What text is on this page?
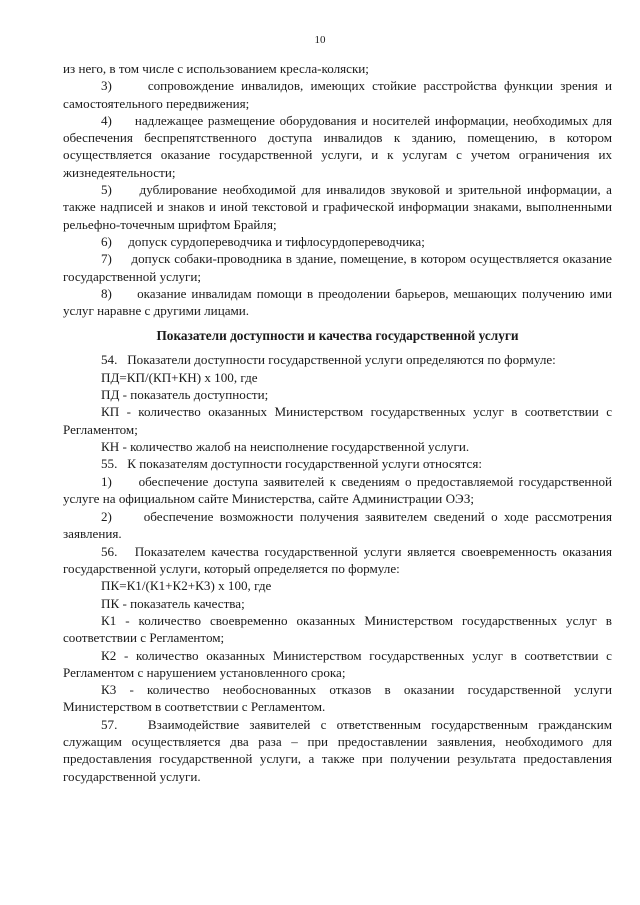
10

из него, в том числе с использованием кресла-коляски;

3)     сопровождение инвалидов, имеющих стойкие расстройства функции зрения и самостоятельного передвижения;

4)     надлежащее размещение оборудования и носителей информации, необходимых для обеспечения беспрепятственного доступа инвалидов к зданию, помещению, в котором осуществляется оказание государственной услуги, и к услугам с учетом ограничения их жизнедеятельности;

5)     дублирование необходимой для инвалидов звуковой и зрительной информации, а также надписей и знаков и иной текстовой и графической информации знаками, выполненными рельефно-точечным шрифтом Брайля;

6)     допуск сурдопереводчика и тифлосурдопереводчика;

7)     допуск собаки-проводника в здание, помещение, в котором осуществляется оказание государственной услуги;

8)     оказание инвалидам помощи в преодолении барьеров, мешающих получению ими услуг наравне с другими лицами.

Показатели доступности и качества государственной услуги

54.   Показатели доступности государственной услуги определяются по формуле:

ПД=КП/(КП+КН) х 100, где

ПД - показатель доступности;

КП - количество оказанных Министерством государственных услуг в соответствии с Регламентом;

КН - количество жалоб на неисполнение государственной услуги.

55.   К показателям доступности государственной услуги относятся:

1)     обеспечение доступа заявителей к сведениям о предоставляемой государственной услуге на официальном сайте Министерства, сайте Администрации ОЭЗ;

2)     обеспечение возможности получения заявителем сведений о ходе рассмотрения заявления.

56.   Показателем качества государственной услуги является своевременность оказания государственной услуги, который определяется по формуле:

ПК=К1/(К1+К2+К3) х 100, где

ПК - показатель качества;

К1 - количество своевременно оказанных Министерством государственных услуг в соответствии с Регламентом;

К2 - количество оказанных Министерством государственных услуг в соответствии с Регламентом с нарушением установленного срока;

К3 - количество необоснованных отказов в оказании государственной услуги Министерством в соответствии с Регламентом.

57.   Взаимодействие заявителей с ответственным государственным гражданским служащим осуществляется два раза – при предоставлении заявления, необходимого для предоставления государственной услуги, а также при получении результата предоставления государственной услуги.
